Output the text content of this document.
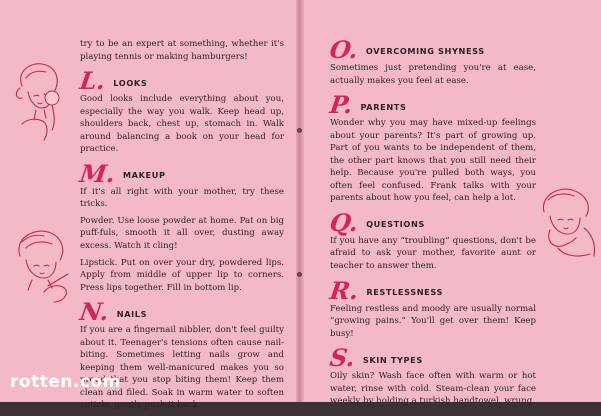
try to be an expert at something, whether it's playing tennis or making hamburgers!

L. LOOKS

Good looks include everything about you, especially the way you walk. Keep head up, shoulders back, chest up, stomach in. Walk around balancing a book on your head for practice.

M. MAKEUP

If it's all right with your mother, try these tricks.

Powder. Use loose powder at home. Pat on big puff-fuls, smooth it all over, dusting away excess. Watch it cling!

Lipstick. Put on over your dry, powdered lips. Apply from middle of upper lip to corners. Press lips together. Fill in bottom lip.

N. NAILS

If you are a fingernail nibbler, don't feel guilty about it. Teenager's tensions often cause nail-biting. Sometimes letting nails grow and keeping them well-manicured makes you so proud that you stop biting them! Keep them clean and filed. Soak in warm water to soften cuticle, gently push it back.

O. OVERCOMING SHYNESS

Sometimes just pretending you're at ease, actually makes you feel at ease.

P. PARENTS

Wonder why you may have mixed-up feelings about your parents? It's part of growing up. Part of you wants to be independent of them, the other part knows that you still need their help. Because you're pulled both ways, you often feel confused. Frank talks with your parents about how you feel, can help a lot.

Q. QUESTIONS

If you have any “troubling” questions, don't be afraid to ask your mother, favorite aunt or teacher to answer them.

R. RESTLESSNESS

Feeling restless and moody are usually normal “growing pains.” You'll get over them! Keep busy!

S. SKIN TYPES

Oily skin? Wash face often with warm or hot water, rinse with cold. Steam-clean your face weekly by holding a turkish handtowel, wrung

rotten.com
